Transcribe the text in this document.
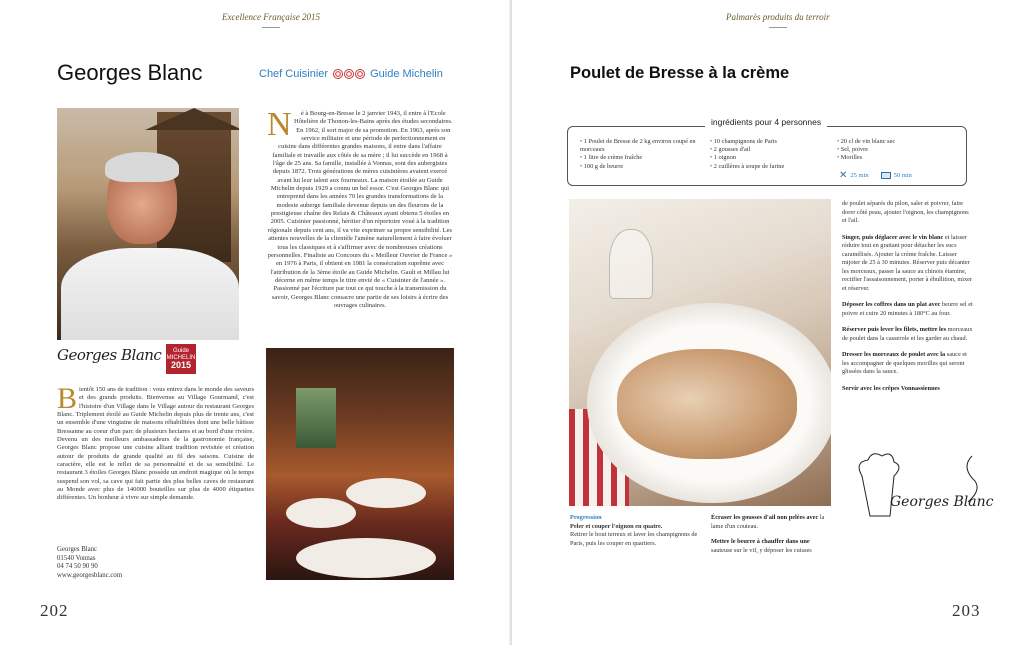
Excellence Française 2015
Georges Blanc	Chef Cuisinier	Guide Michelin
Georges Blanc	Guide MICHELIN
2015
Bientôt 150 ans de tradition : vous entrez dans le monde des saveurs et des grands produits. Bienvenue au Village Gourmand, c'est l'histoire d'un Village dans le Village autour du restaurant Georges Blanc. Triplement étoilé au Guide Michelin depuis plus de trente ans, c'est un ensemble d'une vingtaine de maisons réhabilitées dont une belle bâtisse Bressanne au coeur d'un parc de plusieurs hectares et au bord d'une rivière. Devenu un des meilleurs ambassadeurs de la gastronomie française, Georges Blanc propose une cuisine alliant tradition revisitée et création autour de produits de grande qualité au fil des saisons. Cuisine de caractère, elle est le reflet de sa personnalité et de sa sensibilité. Le restaurant 3 étoiles Georges Blanc possède un endroit magique où le temps suspend son vol, sa cave qui fait partie des plus belles caves de restaurant au Monde avec plus de 140000 bouteilles sur plus de 4000 étiquettes différentes. Un bonheur à vivre sur simple demande.
Georges Blanc
01540 Vonnas
04 74 50 90 90
www.georgesblanc.com
N é à Bourg-en-Bresse le 2 janvier 1943, il entre à l'Ecole Hôtelière de Thonon-les-Bains après des études secondaires. En 1962, il sort major de sa promotion. En 1963, après son service militaire et une période de perfectionnement en cuisine dans différentes grandes maisons, il entre dans l'affaire familiale et travaille aux côtés de sa mère ; il lui succède en 1968 à l'âge de 25 ans. Sa famille, installée à Vonnas, sont des aubergistes depuis 1872. Trois générations de mères cuisinières avaient exercé avant lui leur talent aux fourneaux. La maison étoilée au Guide Michelin depuis 1929 a connu un bel essor. C'est Georges Blanc qui entreprend dans les années 70 les grandes transformations de la modeste auberge familiale devenue depuis un des fleurons de la prestigieuse chaîne des Relais & Châteaux ayant obtenu 5 étoiles en 2005. Cuisinier passionné, héritier d'un répertoire voué à la tradition régionale depuis cent ans, il va vite exprimer sa propre sensibilité. Les attentes nouvelles de la clientèle l'amène naturellement à faire évoluer tous les classiques et à s'affirmer avec de nombreuses créations personnelles. Finaliste au Concours du « Meilleur Ouvrier de France » en 1976 à Paris, il obtient en 1981 la consécration suprême avec l'attribution de la 3ème étoile au Guide Michelin. Gault et Millau lui décerne en même temps le titre envié de « Cuisinier de l'année ». Passionné par l'écriture par tout ce qui touche à la transmission du savoir, Georges Blanc consacre une partie de ses loisirs à écrire des ouvrages culinaires.
202
Palmarès produits du terroir
Poulet de Bresse à la crème
ingrédients pour 4 personnes
• 1 Poulet de Bresse de 2 kg environ coupé en morceaux
• 1 litre de crème fraîche
• 100 g de beurre
• 10 champignons de Paris
• 2 gousses d'ail
• 1 oignon
• 2 cuillères à soupe de farine
• 20 cl de vin blanc sec
• Sel, poivre
• Morilles
✕ 25 min	50 min

de poulet séparés du pilon, saler et poivrer, faire dorer côté peau, ajouter l'oignon, les champignons et l'ail.

Singer, puis déglacer avec le vin blanc et laisser réduire tout en grattant pour détacher les sucs caramélisés. Ajouter la crème fraîche. Laisser mijoter de 25 à 30 minutes. Réserver puis décanter les morceaux, passer la sauce au chinois étamine, rectifier l'assaisonnement, porter à ébullition, mixer et réserver.

Déposer les coffres dans un plat avec beurre sel et poivre et cuire 20 minutes à 180°C au four.

Réserver puis lever les filets, mettre les morceaux de poulet dans la casserole et les garder au chaud.

Dresser les morceaux de poulet avec la sauce et les accompagner de quelques morilles qui seront glissées dans la sauce.

Servir avec les crêpes Vonnassiennes

Progression
Peler et couper l'oignon en quatre.
Retirer le bout terreux et laver les champignons de Paris, puis les couper en quartiers.

Écraser les gousses d'ail non pelées avec la lame d'un couteau.

Mettre le beurre à chauffer dans une sauteuse sur le vif, y déposer les cuisses

Georges Blanc
203
